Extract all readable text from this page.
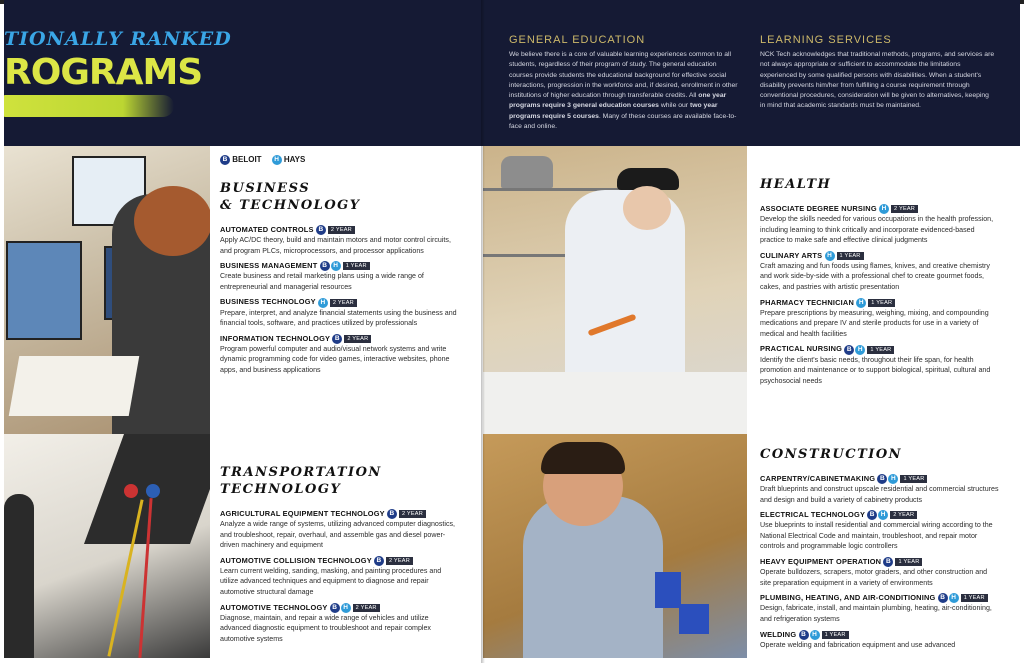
TIONALLY RANKED
ROGRAMS
B BELOIT	H HAYS
BUSINESS
& TECHNOLOGY
AUTOMATED CONTROLS B 2 YEAR
Apply AC/DC theory, build and maintain motors and motor control circuits, and program PLCs, microprocessors, and processor applications
BUSINESS MANAGEMENT B H 1 YEAR
Create business and retail marketing plans using a wide range of entrepreneurial and managerial resources
BUSINESS TECHNOLOGY H 2 YEAR
Prepare, interpret, and analyze financial statements using the business and financial tools, software, and practices utilized by professionals
INFORMATION TECHNOLOGY B 2 YEAR
Program powerful computer and audio/visual network systems and write dynamic programming code for video games, interactive websites, phone apps, and business applications
TRANSPORTATION
TECHNOLOGY
AGRICULTURAL EQUIPMENT TECHNOLOGY B 2 YEAR
Analyze a wide range of systems, utilizing advanced computer diagnostics, and troubleshoot, repair, overhaul, and assemble gas and diesel power-driven machinery and equipment
AUTOMOTIVE COLLISION TECHNOLOGY B 2 YEAR
Learn current welding, sanding, masking, and painting procedures and utilize advanced techniques and equipment to diagnose and repair automotive structural damage
AUTOMOTIVE TECHNOLOGY B H 2 YEAR
Diagnose, maintain, and repair a wide range of vehicles and utilize advanced diagnostic equipment to troubleshoot and repair complex automotive systems
GENERAL EDUCATION
We believe there is a core of valuable learning experiences common to all students, regardless of their program of study. The general education courses provide students the educational background for effective social interactions, progression in the workforce and, if desired, enrollment in other institutions of higher education through transferable credits. All one year programs require 3 general education courses while our two year programs require 5 courses. Many of these courses are available face-to-face and online.
LEARNING SERVICES
NCK Tech acknowledges that traditional methods, programs, and services are not always appropriate or sufficient to accommodate the limitations experienced by some qualified persons with disabilities. When a student's disability prevents him/her from fulfilling a course requirement through conventional procedures, consideration will be given to alternatives, keeping in mind that academic standards must be maintained.
HEALTH
ASSOCIATE DEGREE NURSING H 2 YEAR
Develop the skills needed for various occupations in the health profession, including learning to think critically and incorporate evidenced-based practice to make safe and effective clinical judgments
CULINARY ARTS H 1 YEAR
Craft amazing and fun foods using flames, knives, and creative chemistry and work side-by-side with a professional chef to create gourmet foods, cakes, and pastries with artistic presentation
PHARMACY TECHNICIAN H 1 YEAR
Prepare prescriptions by measuring, weighing, mixing, and compounding medications and prepare IV and sterile products for use in a variety of medical and health facilities
PRACTICAL NURSING B H 1 YEAR
Identify the client's basic needs, throughout their life span, for health promotion and maintenance or to support biological, spiritual, cultural and psychosocial needs
CONSTRUCTION
CARPENTRY/CABINETMAKING B H 1 YEAR
Draft blueprints and construct upscale residential and commercial structures and design and build a variety of cabinetry products
ELECTRICAL TECHNOLOGY B H 2 YEAR
Use blueprints to install residential and commercial wiring according to the National Electrical Code and maintain, troubleshoot, and repair motor controls and programmable logic controllers
HEAVY EQUIPMENT OPERATION B 1 YEAR
Operate bulldozers, scrapers, motor graders, and other construction and site preparation equipment in a variety of environments
PLUMBING, HEATING, AND AIR-CONDITIONING B H 1 YEAR
Design, fabricate, install, and maintain plumbing, heating, air-conditioning, and refrigeration systems
WELDING B H 1 YEAR
Operate welding and fabrication equipment and use advanced
